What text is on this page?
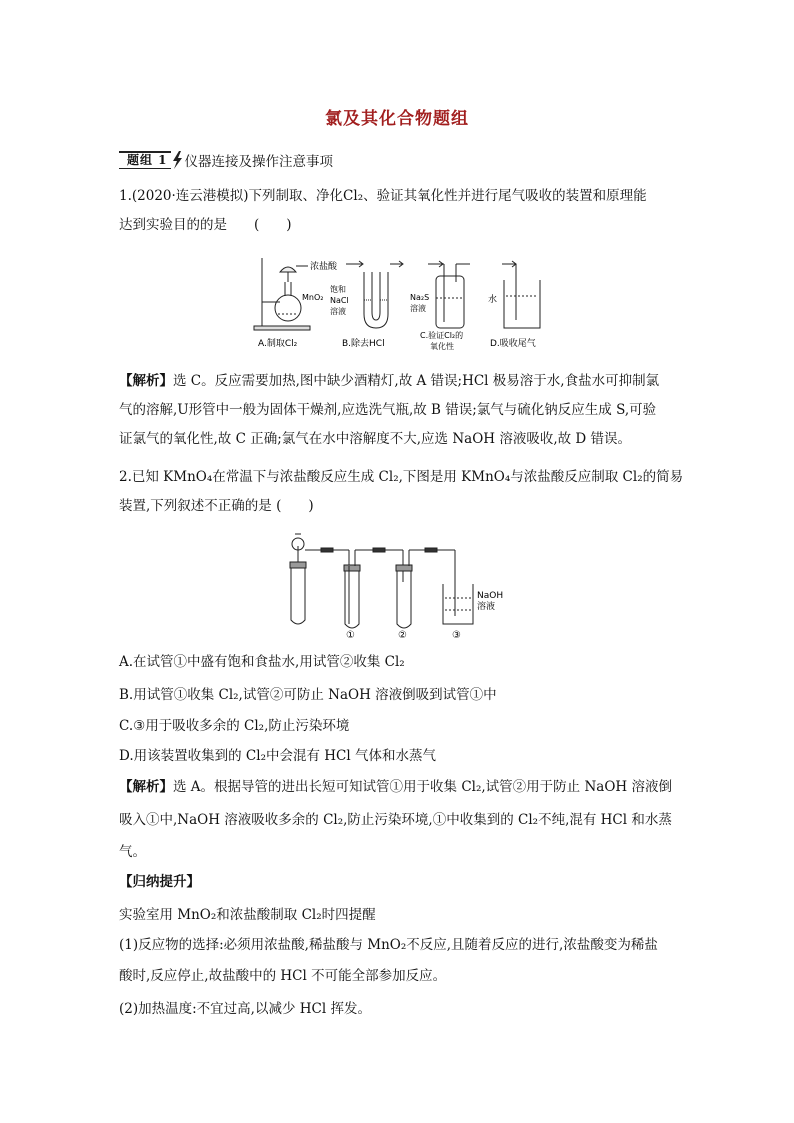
氯及其化合物题组
题组 1 仪器连接及操作注意事项
1.(2020·连云港模拟)下列制取、净化Cl₂、验证其氧化性并进行尾气吸收的装置和原理能
达到实验目的的是　　(　　)
浓盐酸
MnO₂
A.制取Cl₂
饱和
NaCl
溶液
B.除去HCl
Na₂S
溶液
C.验证Cl₂的
氧化性
水
D.吸收尾气
【解析】选 C。反应需要加热,图中缺少酒精灯,故 A 错误;HCl 极易溶于水,食盐水可抑制氯
气的溶解,U形管中一般为固体干燥剂,应选洗气瓶,故 B 错误;氯气与硫化钠反应生成 S,可验
证氯气的氧化性,故 C 正确;氯气在水中溶解度不大,应选 NaOH 溶液吸收,故 D 错误。
2.已知 KMnO₄在常温下与浓盐酸反应生成 Cl₂,下图是用 KMnO₄与浓盐酸反应制取 Cl₂的简易
装置,下列叙述不正确的是 (　　)
NaOH
溶液
①	②	③
A.在试管①中盛有饱和食盐水,用试管②收集 Cl₂
B.用试管①收集 Cl₂,试管②可防止 NaOH 溶液倒吸到试管①中
C.③用于吸收多余的 Cl₂,防止污染环境
D.用该装置收集到的 Cl₂中会混有 HCl 气体和水蒸气
【解析】选 A。根据导管的进出长短可知试管①用于收集 Cl₂,试管②用于防止 NaOH 溶液倒
吸入①中,NaOH 溶液吸收多余的 Cl₂,防止污染环境,①中收集到的 Cl₂不纯,混有 HCl 和水蒸
气。
【归纳提升】
实验室用 MnO₂和浓盐酸制取 Cl₂时四提醒
(1)反应物的选择:必须用浓盐酸,稀盐酸与 MnO₂不反应,且随着反应的进行,浓盐酸变为稀盐
酸时,反应停止,故盐酸中的 HCl 不可能全部参加反应。
(2)加热温度:不宜过高,以减少 HCl 挥发。
